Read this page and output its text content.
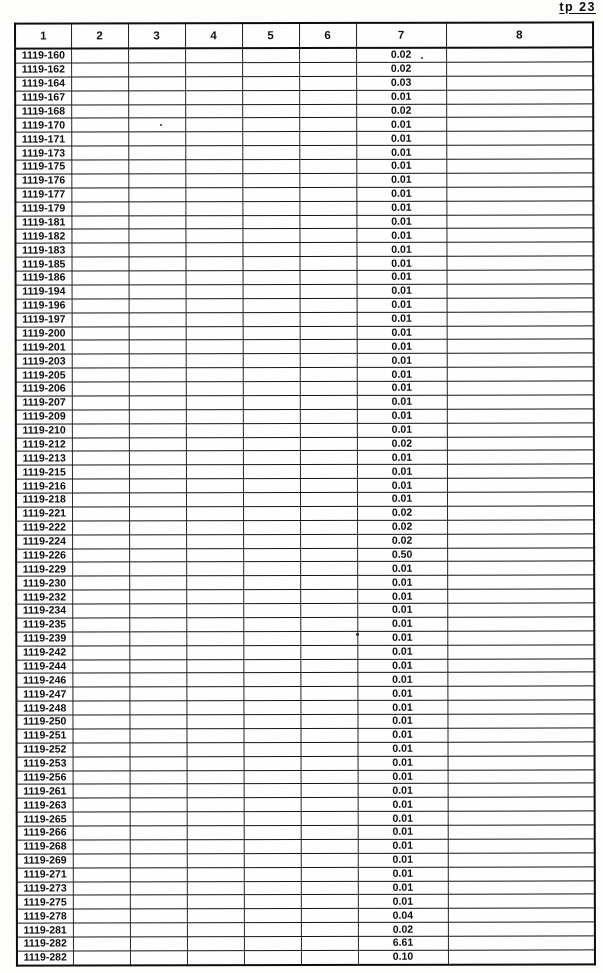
tp 23
1	2	3	4	5	6	7	8
1119-160						0.02	
1119-162						0.02	
1119-164						0.03	
1119-167						0.01	
1119-168						0.02	
1119-170						0.01	
1119-171						0.01	
1119-173						0.01	
1119-175						0.01	
1119-176						0.01	
1119-177						0.01	
1119-179						0.01	
1119-181						0.01	
1119-182						0.01	
1119-183						0.01	
1119-185						0.01	
1119-186						0.01	
1119-194						0.01	
1119-196						0.01	
1119-197						0.01	
1119-200						0.01	
1119-201						0.01	
1119-203						0.01	
1119-205						0.01	
1119-206						0.01	
1119-207						0.01	
1119-209						0.01	
1119-210						0.01	
1119-212						0.02	
1119-213						0.01	
1119-215						0.01	
1119-216						0.01	
1119-218						0.01	
1119-221						0.02	
1119-222						0.02	
1119-224						0.02	
1119-226						0.50	
1119-229						0.01	
1119-230						0.01	
1119-232						0.01	
1119-234						0.01	
1119-235						0.01	
1119-239						0.01	
1119-242						0.01	
1119-244						0.01	
1119-246						0.01	
1119-247						0.01	
1119-248						0.01	
1119-250						0.01	
1119-251						0.01	
1119-252						0.01	
1119-253						0.01	
1119-256						0.01	
1119-261						0.01	
1119-263						0.01	
1119-265						0.01	
1119-266						0.01	
1119-268						0.01	
1119-269						0.01	
1119-271						0.01	
1119-273						0.01	
1119-275						0.01	
1119-278						0.04	
1119-281						0.02	
1119-282						6.61	
1119-282						0.10	
